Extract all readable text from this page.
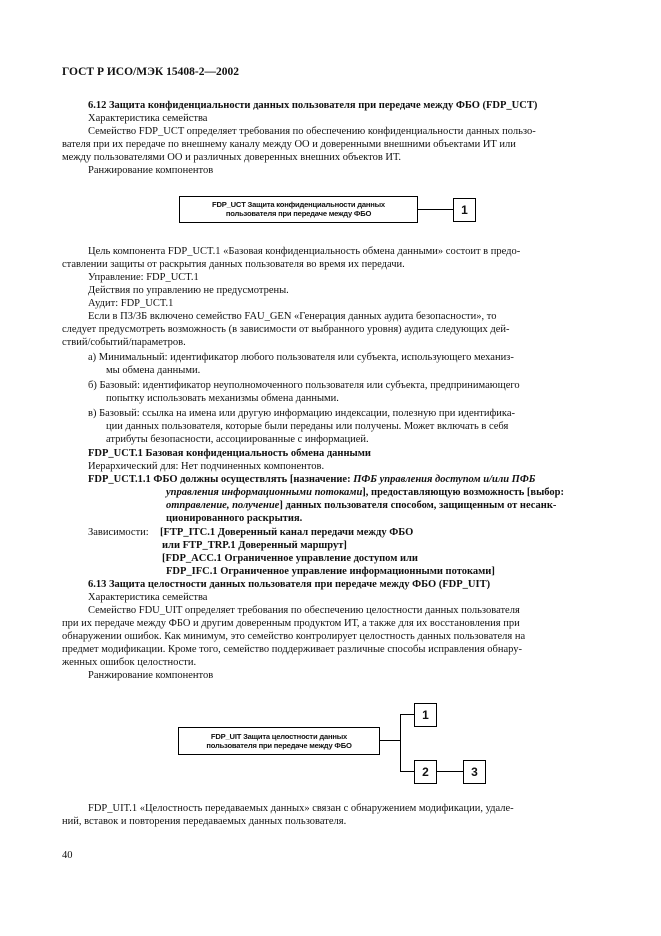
ГОСТ Р ИСО/МЭК 15408-2—2002
6.12 Защита конфиденциальности данных пользователя при передаче между ФБО (FDP_UCT)
Характеристика семейства
Семейство FDP_UCT определяет требования по обеспечению конфиденциальности данных пользо-
вателя при их передаче по внешнему каналу между ОО и доверенными внешними объектами ИТ или
между пользователями ОО и различных доверенных внешних объектов ИТ.
Ранжирование компонентов
FDP_UCT Защита конфиденциальности данных
пользователя при передаче между ФБО	1
Цель компонента FDP_UCT.1 «Базовая конфиденциальность обмена данными» состоит в предо-
ставлении защиты от раскрытия данных пользователя во время их передачи.
Управление: FDP_UCT.1
Действия по управлению не предусмотрены.
Аудит: FDP_UCT.1
Если в ПЗ/ЗБ включено семейство FAU_GEN «Генерация данных аудита безопасности», то
следует предусмотреть возможность (в зависимости от выбранного уровня) аудита следующих дей-
ствий/событий/параметров.
а) Минимальный: идентификатор любого пользователя или субъекта, использующего механиз-
мы обмена данными.
б) Базовый: идентификатор неуполномоченного пользователя или субъекта, предпринимающего
попытку использовать механизмы обмена данными.
в) Базовый: ссылка на имена или другую информацию индексации, полезную при идентифика-
ции данных пользователя, которые были переданы или получены. Может включать в себя
атрибуты безопасности, ассоциированные с информацией.
FDP_UCT.1 Базовая конфиденциальность обмена данными
Иерархический для: Нет подчиненных компонентов.
FDP_UCT.1.1 ФБО должны осуществлять [назначение: ПФБ управления доступом и/или ПФБ
управления информационными потоками], предоставляющую возможность [выбор:
отправление, получение] данных пользователя способом, защищенным от несанк-
ционированного раскрытия.
Зависимости: [FTP_ITC.1 Доверенный канал передачи между ФБО
или FTP_TRP.1 Доверенный маршрут]
[FDP_ACC.1 Ограниченное управление доступом или
FDP_IFC.1 Ограниченное управление информационными потоками]
6.13 Защита целостности данных пользователя при передаче между ФБО (FDP_UIT)
Характеристика семейства
Семейство FDU_UIT определяет требования по обеспечению целостности данных пользователя
при их передаче между ФБО и другим доверенным продуктом ИТ, а также для их восстановления при
обнаружении ошибок. Как минимум, это семейство контролирует целостность данных пользователя на
предмет модификации. Кроме того, семейство поддерживает различные способы исправления обнару-
женных ошибок целостности.
Ранжирование компонентов
FDP_UIT Защита целостности данных
пользователя при передаче между ФБО
1
2	3
FDP_UIT.1 «Целостность передаваемых данных» связан с обнаружением модификации, удале-
ний, вставок и повторения передаваемых данных пользователя.
40
